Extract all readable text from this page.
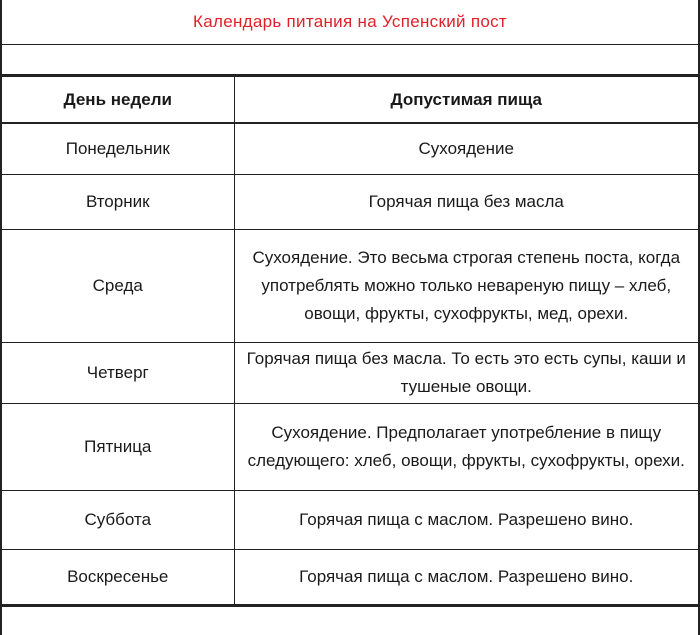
Календарь питания на Успенский пост
День недели	Допустимая пища
Понедельник	Сухоядение
Вторник	Горячая пища без масла
Среда	Сухоядение. Это весьма строгая степень поста, когда употреблять можно только невареную пищу – хлеб, овощи, фрукты, сухофрукты, мед, орехи.
Четверг	Горячая пища без масла. То есть это есть супы, каши и тушеные овощи.
Пятница	Сухоядение. Предполагает употребление в пищу следующего: хлеб, овощи, фрукты, сухофрукты, орехи.
Суббота	Горячая пища с маслом. Разрешено вино.
Воскресенье	Горячая пища с маслом. Разрешено вино.
